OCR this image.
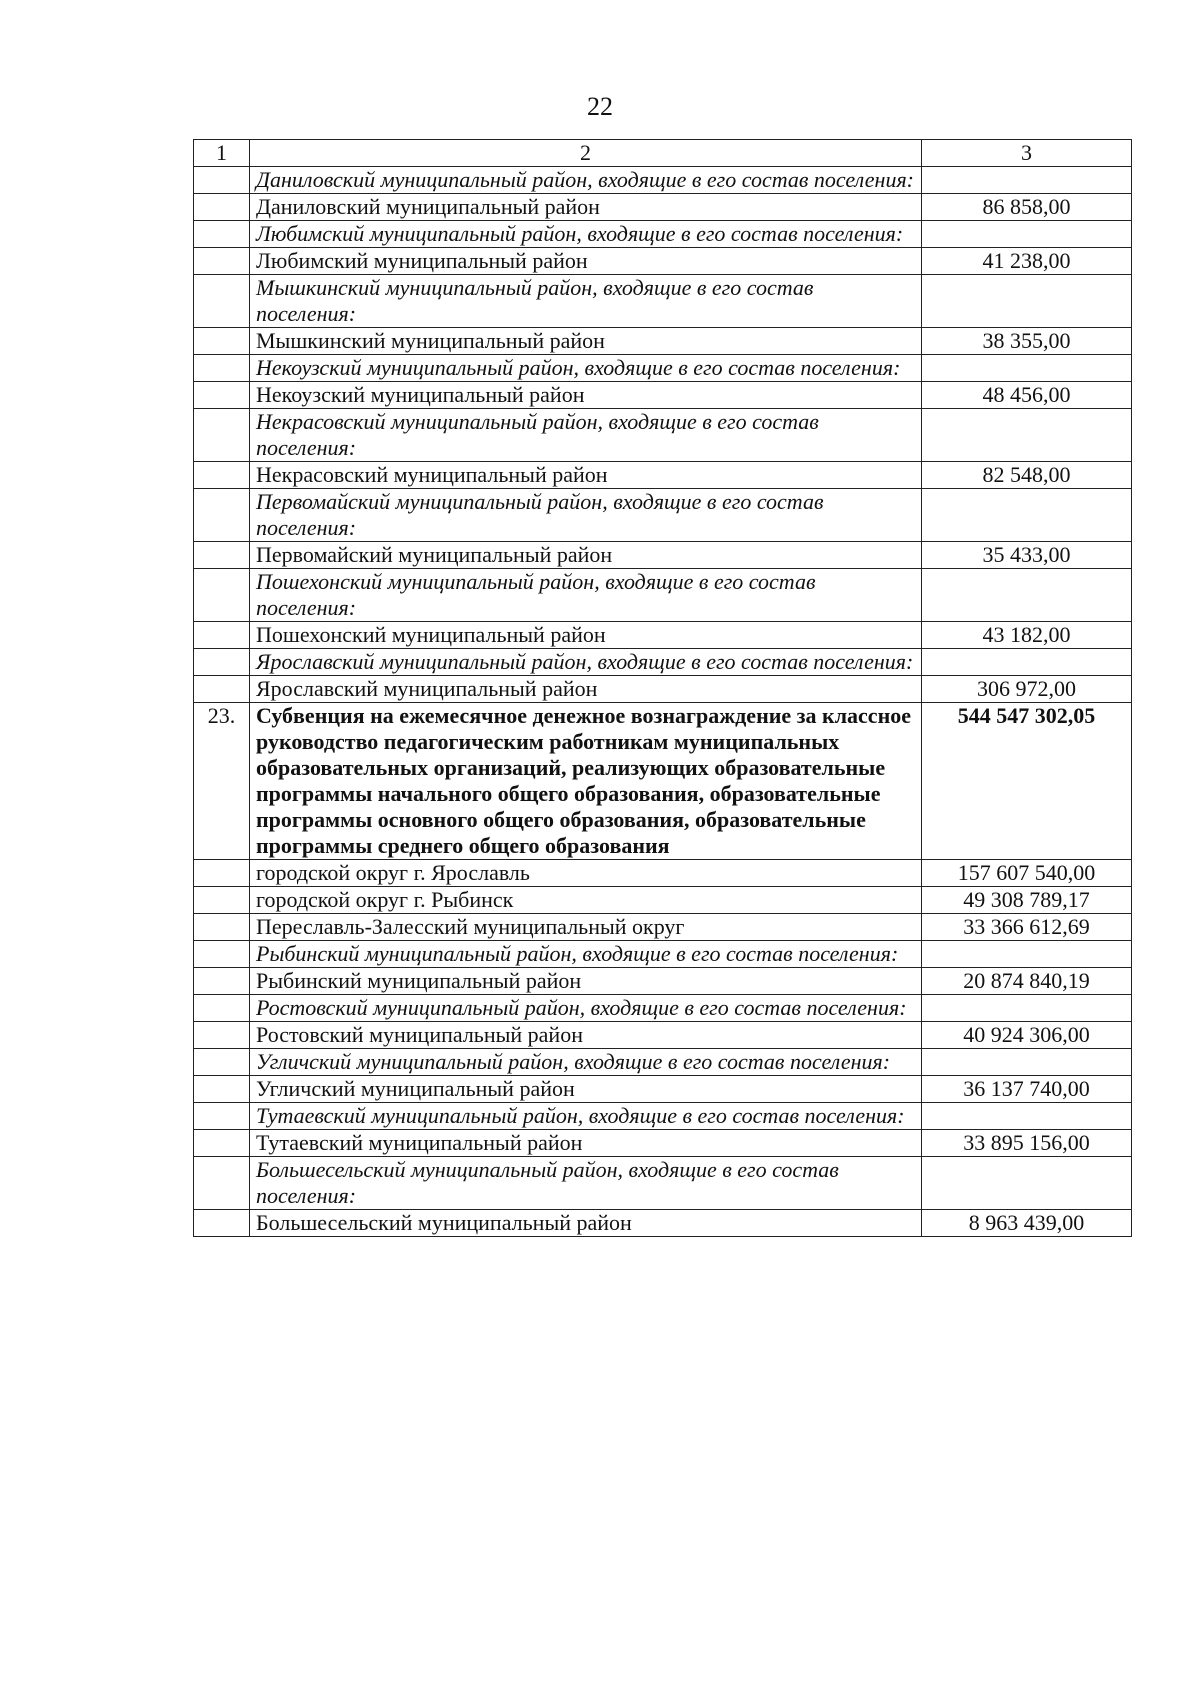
22
1	2	3
	Даниловский муниципальный район, входящие в его состав поселения:	
	Даниловский муниципальный район	86 858,00
	Любимский муниципальный район, входящие в его состав поселения:	
	Любимский муниципальный район	41 238,00
	Мышкинский муниципальный район, входящие в его состав поселения:	
	Мышкинский муниципальный район	38 355,00
	Некоузский муниципальный район, входящие в его состав поселения:	
	Некоузский муниципальный район	48 456,00
	Некрасовский муниципальный район, входящие в его состав поселения:	
	Некрасовский муниципальный район	82 548,00
	Первомайский муниципальный район, входящие в его состав поселения:	
	Первомайский муниципальный район	35 433,00
	Пошехонский муниципальный район, входящие в его состав поселения:	
	Пошехонский муниципальный район	43 182,00
	Ярославский муниципальный район, входящие в его состав поселения:	
	Ярославский муниципальный район	306 972,00
23.	Субвенция на ежемесячное денежное вознаграждение за классное руководство педагогическим работникам муниципальных образовательных организаций, реализующих образовательные программы начального общего образования, образовательные программы основного общего образования, образовательные программы среднего общего образования	544 547 302,05
	городской округ г. Ярославль	157 607 540,00
	городской округ г. Рыбинск	49 308 789,17
	Переславль-Залесский муниципальный округ	33 366 612,69
	Рыбинский муниципальный район, входящие в его состав поселения:	
	Рыбинский муниципальный район	20 874 840,19
	Ростовский муниципальный район, входящие в его состав поселения:	
	Ростовский муниципальный район	40 924 306,00
	Угличский муниципальный район, входящие в его состав поселения:	
	Угличский муниципальный район	36 137 740,00
	Тутаевский муниципальный район, входящие в его состав поселения:	
	Тутаевский муниципальный район	33 895 156,00
	Большесельский муниципальный район, входящие в его состав поселения:	
	Большесельский муниципальный район	8 963 439,00
